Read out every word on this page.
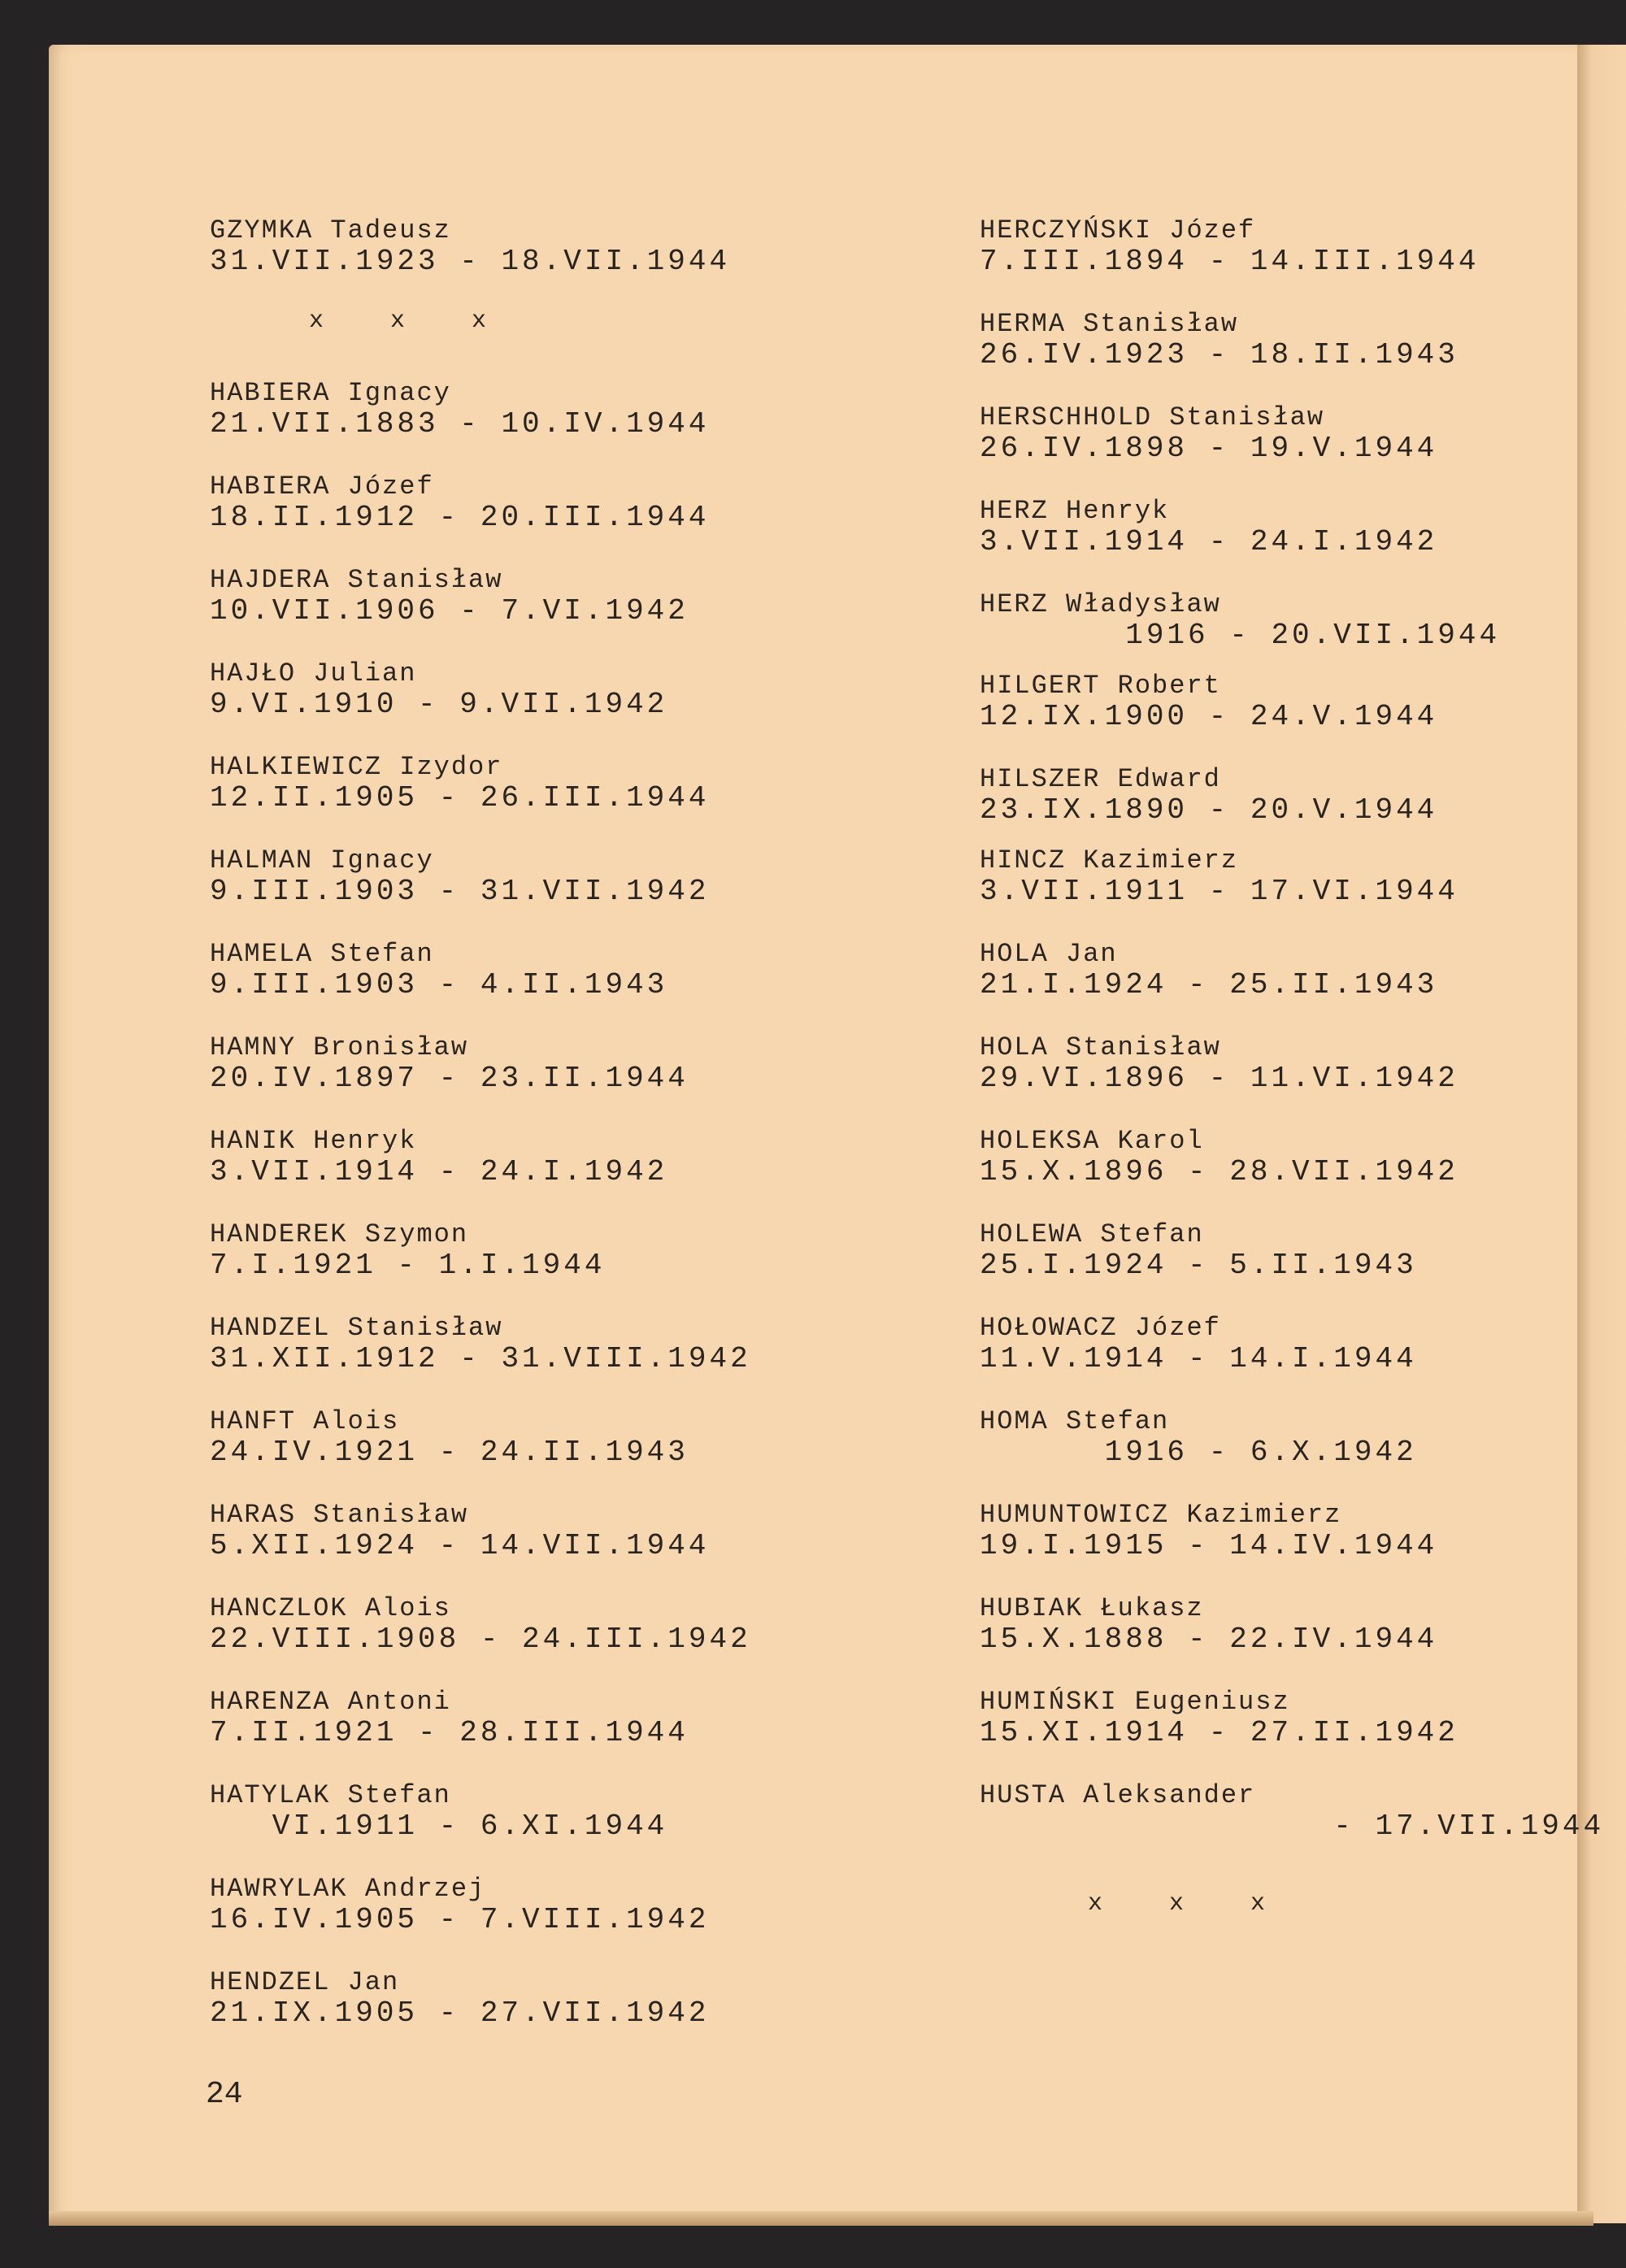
GZYMKA Tadeusz
31.VII.1923 - 18.VII.1944
HABIERA Ignacy
21.VII.1883 - 10.IV.1944
HABIERA Józef
18.II.1912 - 20.III.1944
HAJDERA Stanisław
10.VII.1906 - 7.VI.1942
HAJŁO Julian
9.VI.1910 - 9.VII.1942
HALKIEWICZ Izydor
12.II.1905 - 26.III.1944
HALMAN Ignacy
9.III.1903 - 31.VII.1942
HAMELA Stefan
9.III.1903 - 4.II.1943
HAMNY Bronisław
20.IV.1897 - 23.II.1944
HANIK Henryk
3.VII.1914 - 24.I.1942
HANDEREK Szymon
7.I.1921 - 1.I.1944
HANDZEL Stanisław
31.XII.1912 - 31.VIII.1942
HANFT Alois
24.IV.1921 - 24.II.1943
HARAS Stanisław
5.XII.1924 - 14.VII.1944
HANCZLOK Alois
22.VIII.1908 - 24.III.1942
HARENZA Antoni
7.II.1921 - 28.III.1944
HATYLAK Stefan
VI.1911 - 6.XI.1944
HAWRYLAK Andrzej
16.IV.1905 - 7.VIII.1942
HENDZEL Jan
21.IX.1905 - 27.VII.1942
HERCZYŃSKI Józef
7.III.1894 - 14.III.1944
HERMA Stanisław
26.IV.1923 - 18.II.1943
HERSCHHOLD Stanisław
26.IV.1898 - 19.V.1944
HERZ Henryk
3.VII.1914 - 24.I.1942
HERZ Władysław
1916 - 20.VII.1944
HILGERT Robert
12.IX.1900 - 24.V.1944
HILSZER Edward
23.IX.1890 - 20.V.1944
HINCZ Kazimierz
3.VII.1911 - 17.VI.1944
HOLA Jan
21.I.1924 - 25.II.1943
HOLA Stanisław
29.VI.1896 - 11.VI.1942
HOLEKSA Karol
15.X.1896 - 28.VII.1942
HOLEWA Stefan
25.I.1924 - 5.II.1943
HOŁOWACZ Józef
11.V.1914 - 14.I.1944
HOMA Stefan
1916 - 6.X.1942
HUMUNTOWICZ Kazimierz
19.I.1915 - 14.IV.1944
HUBIAK Łukasz
15.X.1888 - 22.IV.1944
HUMIŃSKI Eugeniusz
15.XI.1914 - 27.II.1942
HUSTA Aleksander
- 17.VII.1944
x    x    x
x    x    x
24
